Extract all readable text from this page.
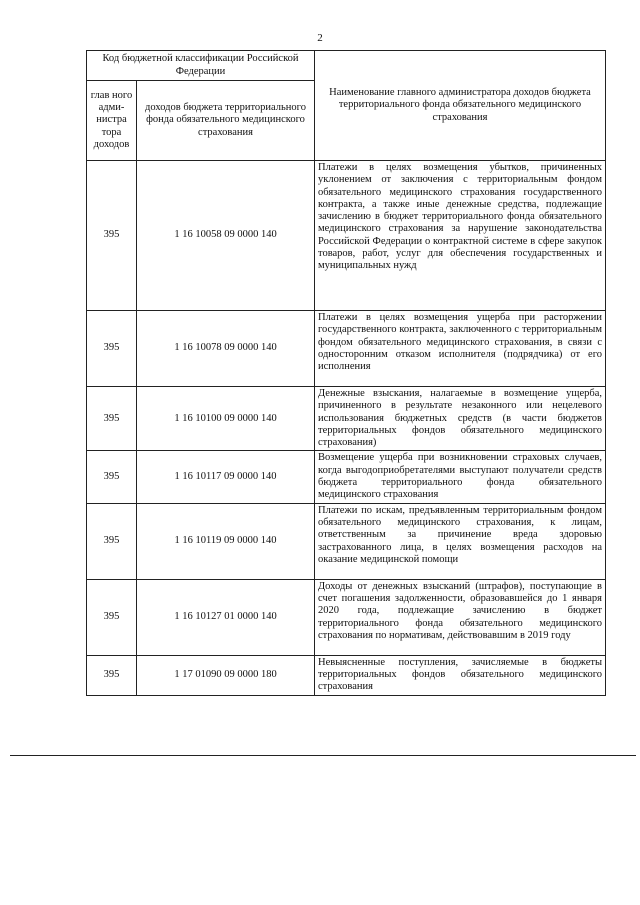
2
Код бюджетной классификации Российской Федерации		Наименование главного администратора доходов бюджета территориального фонда обязательного медицинского страхования
глав ного адми-нистра тора доходов	доходов бюджета территориального фонда обязательного медицинского страхования	
395	1 16 10058 09 0000 140	Платежи в целях возмещения убытков, причиненных уклонением от заключения с территориальным фондом обязательного медицинского страхования государственного контракта, а также иные денежные средства, подлежащие зачислению в бюджет территориального фонда обязательного медицинского страхования за нарушение законодательства Российской Федерации о контрактной системе в сфере закупок товаров, работ, услуг для обеспечения государственных и муниципальных нужд
395	1 16 10078 09 0000 140	Платежи в целях возмещения ущерба при расторжении государственного контракта, заключенного с территориальным фондом обязательного медицинского страхования, в связи с односторонним отказом исполнителя (подрядчика) от его исполнения
395	1 16 10100 09 0000 140	Денежные взыскания, налагаемые в возмещение ущерба, причиненного в результате незаконного или нецелевого использования бюджетных средств (в части бюджетов территориальных фондов обязательного медицинского страхования)
395	1 16 10117 09 0000 140	Возмещение ущерба при возникновении страховых случаев, когда выгодоприобретателями выступают получатели средств бюджета территориального фонда обязательного медицинского страхования
395	1 16 10119 09 0000 140	Платежи по искам, предъявленным территориальным фондом обязательного медицинского страхования, к лицам, ответственным за причинение вреда здоровью застрахованного лица, в целях возмещения расходов на оказание медицинской помощи
395	1 16 10127 01 0000 140	Доходы от денежных взысканий (штрафов), поступающие в счет погашения задолженности, образовавшейся до 1 января 2020 года, подлежащие зачислению в бюджет территориального фонда обязательного медицинского страхования по нормативам, действовавшим в 2019 году
395	1 17 01090 09 0000 180	Невыясненные поступления, зачисляемые в бюджеты территориальных фондов обязательного медицинского страхования
